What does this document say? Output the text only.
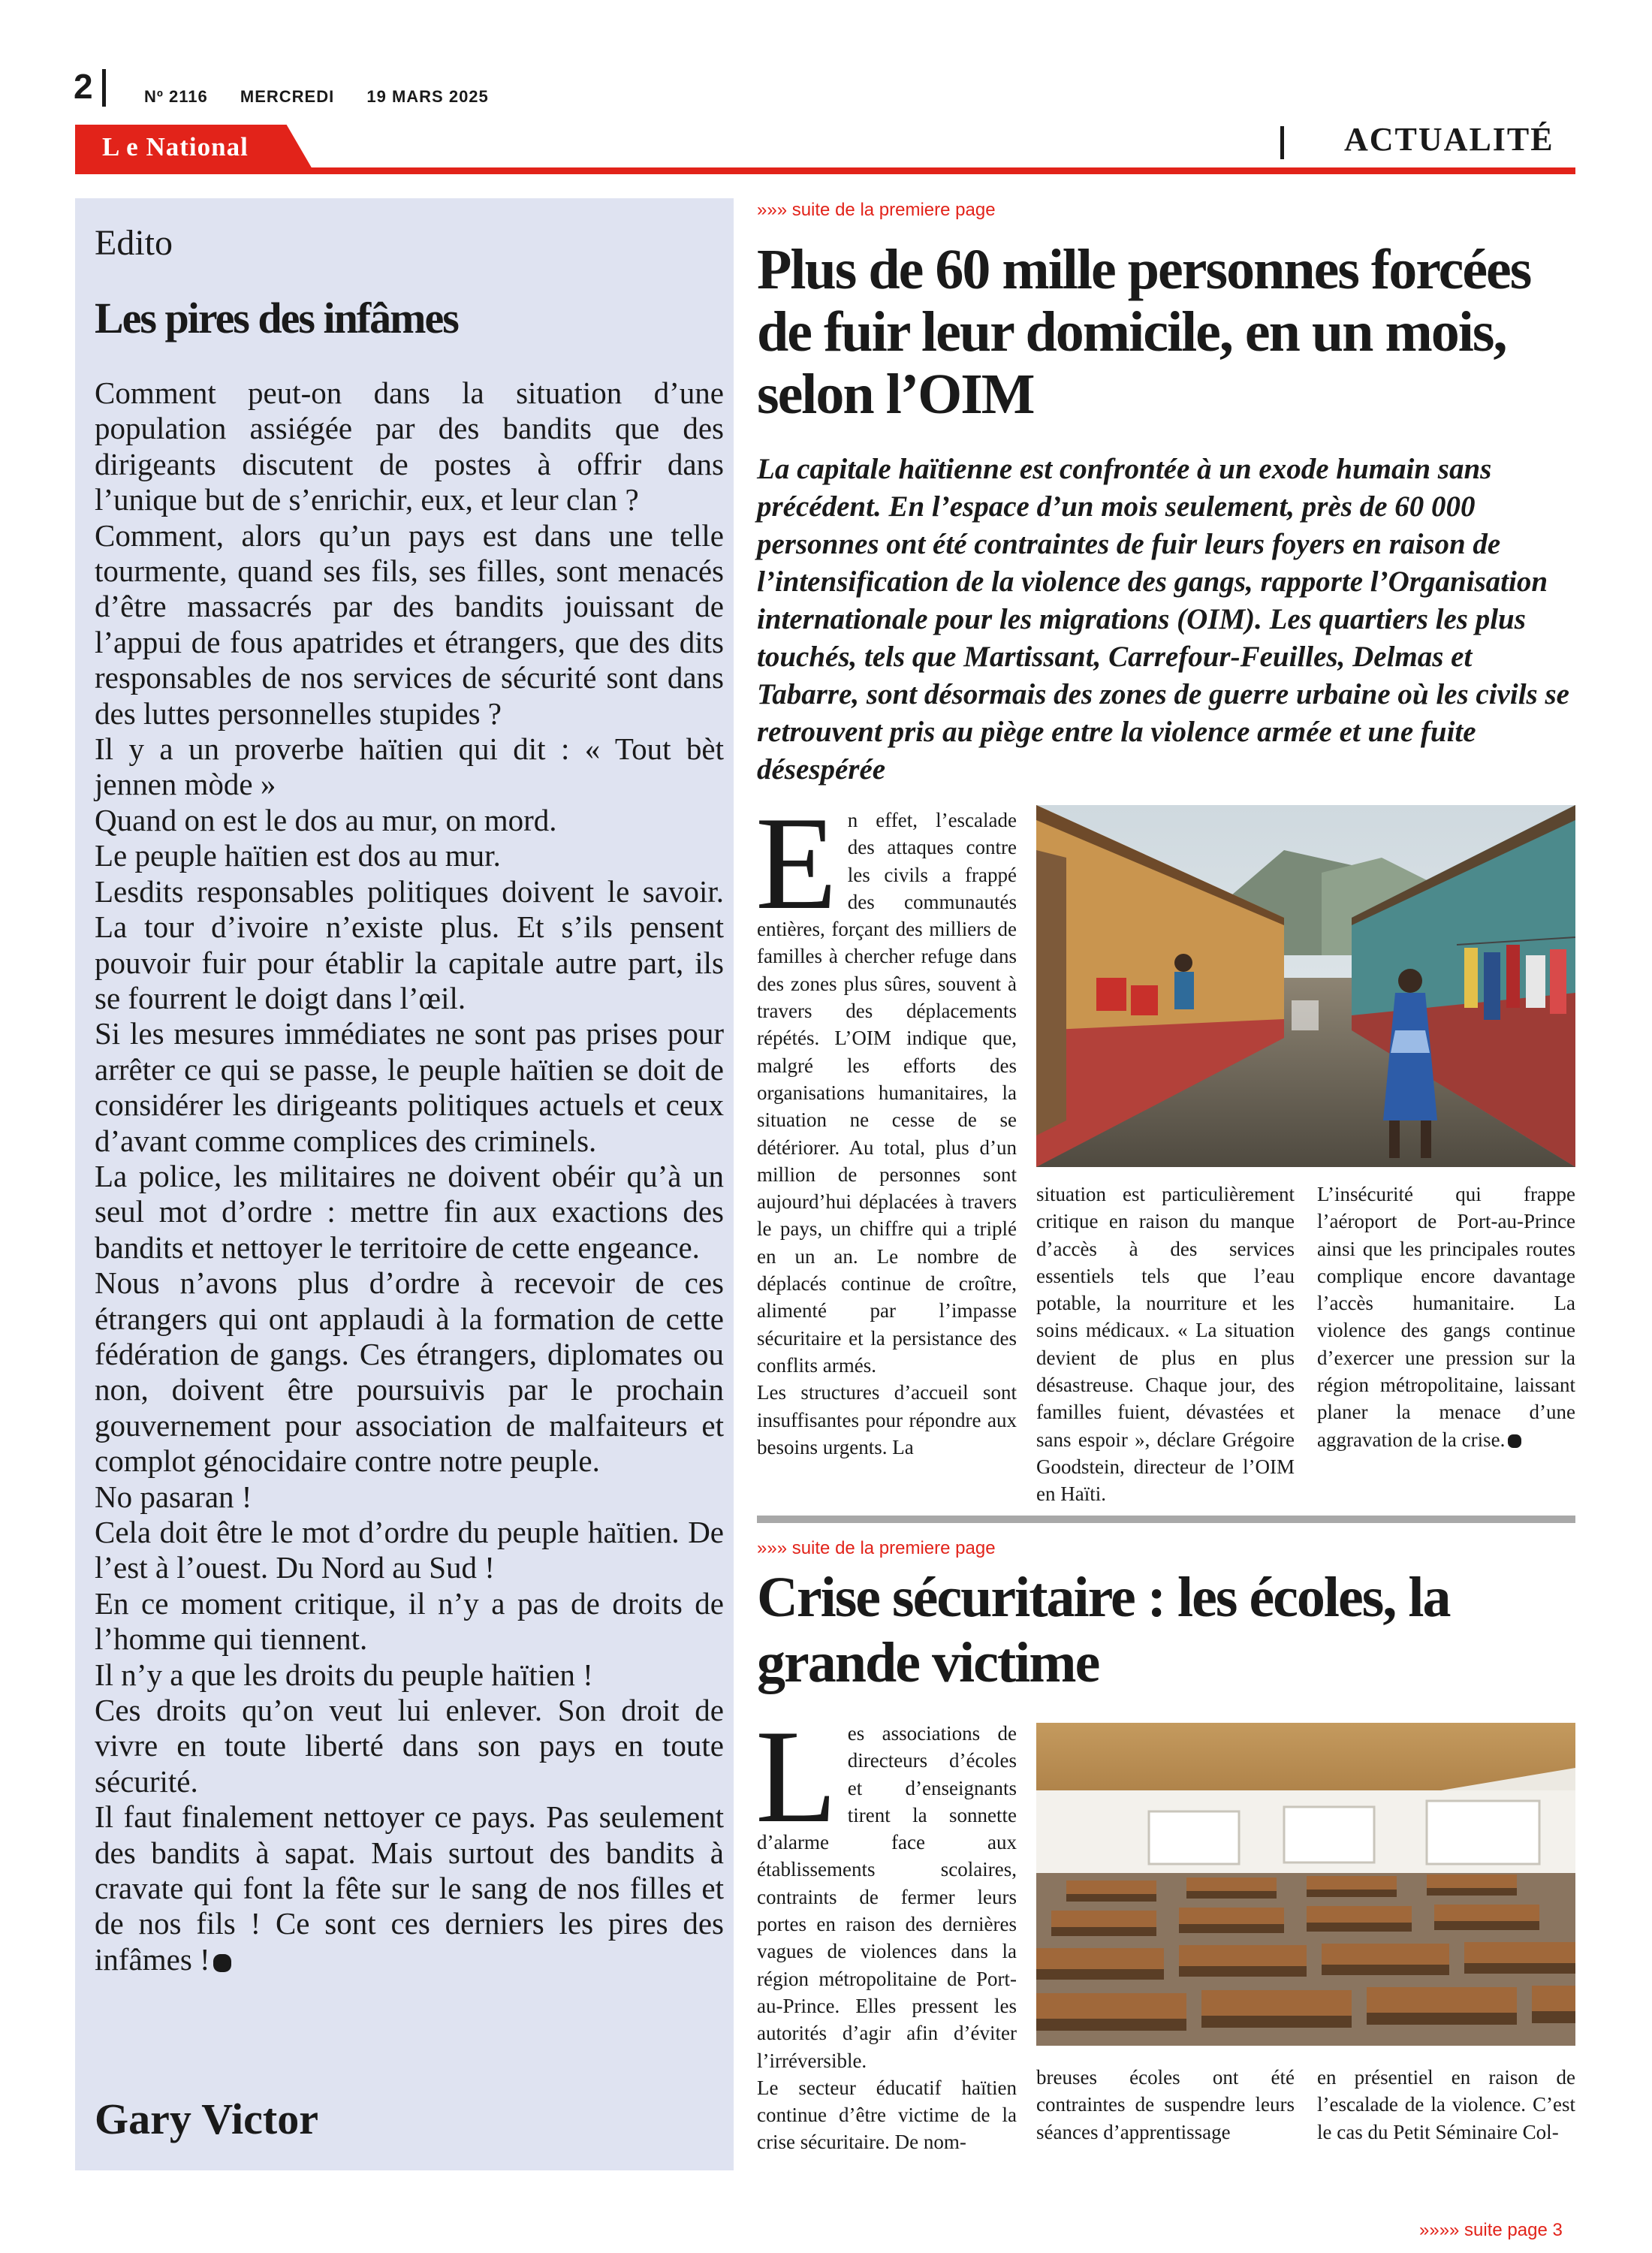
2	Nº 2116 MERCREDI 19 MARS 2025
L e National	ACTUALITÉ
Edito
Les pires des infâmes

Comment peut-on dans la situation d’une population assiégée par des bandits que des dirigeants discutent de postes à offrir dans l’unique but de s’enrichir, eux, et leur clan ?

Comment, alors qu’un pays est dans une telle tourmente, quand ses fils, ses filles, sont menacés d’être massacrés par des bandits jouissant de l’appui de fous apatrides et étrangers, que des dits responsables de nos services de sécurité sont dans des luttes personnelles stupides ?

Il y a un proverbe haïtien qui dit : « Tout bèt jennen mòde »

Quand on est le dos au mur, on mord.

Le peuple haïtien est dos au mur.

Lesdits responsables politiques doivent le savoir. La tour d’ivoire n’existe plus. Et s’ils pensent pouvoir fuir pour établir la capitale autre part, ils se fourrent le doigt dans l’œil.

Si les mesures immédiates ne sont pas prises pour arrêter ce qui se passe, le peuple haïtien se doit de considérer les dirigeants politiques actuels et ceux d’avant comme complices des criminels.

La police, les militaires ne doivent obéir qu’à un seul mot d’ordre : mettre fin aux exactions des bandits et nettoyer le territoire de cette engeance.

Nous n’avons plus d’ordre à recevoir de ces étrangers qui ont applaudi à la formation de cette fédération de gangs. Ces étrangers, diplomates ou non, doivent être poursuivis par le prochain gouvernement pour association de malfaiteurs et complot génocidaire contre notre peuple.

No pasaran !

Cela doit être le mot d’ordre du peuple haïtien. De l’est à l’ouest. Du Nord au Sud !

En ce moment critique, il n’y a pas de droits de l’homme qui tiennent.

Il n’y a que les droits du peuple haïtien !

Ces droits qu’on veut lui enlever. Son droit de vivre en toute liberté dans son pays en toute sécurité.

Il faut finalement nettoyer ce pays. Pas seulement des bandits à sapat. Mais surtout des bandits à cravate qui font la fête sur le sang de nos filles et de nos fils ! Ce sont ces derniers les pires des infâmes !

Gary Victor
»»» suite de la premiere page
Plus de 60 mille personnes forcées de fuir leur domicile, en un mois, selon l’OIM
La capitale haïtienne est confrontée à un exode humain sans précédent. En l’espace d’un mois seulement, près de 60 000 personnes ont été contraintes de fuir leurs foyers en raison de l’intensification de la violence des gangs, rapporte l’Organisation internationale pour les migrations (OIM). Les quartiers les plus touchés, tels que Martissant, Carrefour-Feuilles, Delmas et Tabarre, sont désormais des zones de guerre urbaine où les civils se retrouvent pris au piège entre la violence armée et une fuite désespérée

En effet, l’escalade des attaques contre les civils a frappé des communautés entières, forçant des milliers de familles à chercher refuge dans des zones plus sûres, souvent à travers des déplacements répétés. L’OIM indique que, malgré les efforts des organisations humanitaires, la situation ne cesse de se détériorer. Au total, plus d’un million de personnes sont aujourd’hui déplacées à travers le pays, un chiffre qui a triplé en un an. Le nombre de déplacés continue de croître, alimenté par l’impasse sécuritaire et la persistance des conflits armés.

Les structures d’accueil sont insuffisantes pour répondre aux besoins urgents. La

situation est particulièrement critique en raison du manque d’accès à des services essentiels tels que l’eau potable, la nourriture et les soins médicaux. « La situation devient de plus en plus désastreuse. Chaque jour, des familles fuient, dévastées et sans espoir », déclare Grégoire Goodstein, directeur de l’OIM en Haïti.

L’insécurité qui frappe l’aéroport de Port-au-Prince ainsi que les principales routes complique encore davantage l’accès humanitaire. La violence des gangs continue d’exercer une pression sur la région métropolitaine, laissant planer la menace d’une aggravation de la crise.

»»» suite de la premiere page
Crise sécuritaire : les écoles, la grande victime

Les associations de directeurs d’écoles et d’enseignants tirent la sonnette d’alarme face aux établissements scolaires, contraints de fermer leurs portes en raison des dernières vagues de violences dans la région métropolitaine de Port-au-Prince. Elles pressent les autorités d’agir afin d’éviter l’irréversible.

Le secteur éducatif haïtien continue d’être victime de la crise sécuritaire. De nom-

breuses écoles ont été contraintes de suspendre leurs séances d’apprentissage

en présentiel en raison de l’escalade de la violence. C’est le cas du Petit Séminaire Col-

»»»» suite page 3
